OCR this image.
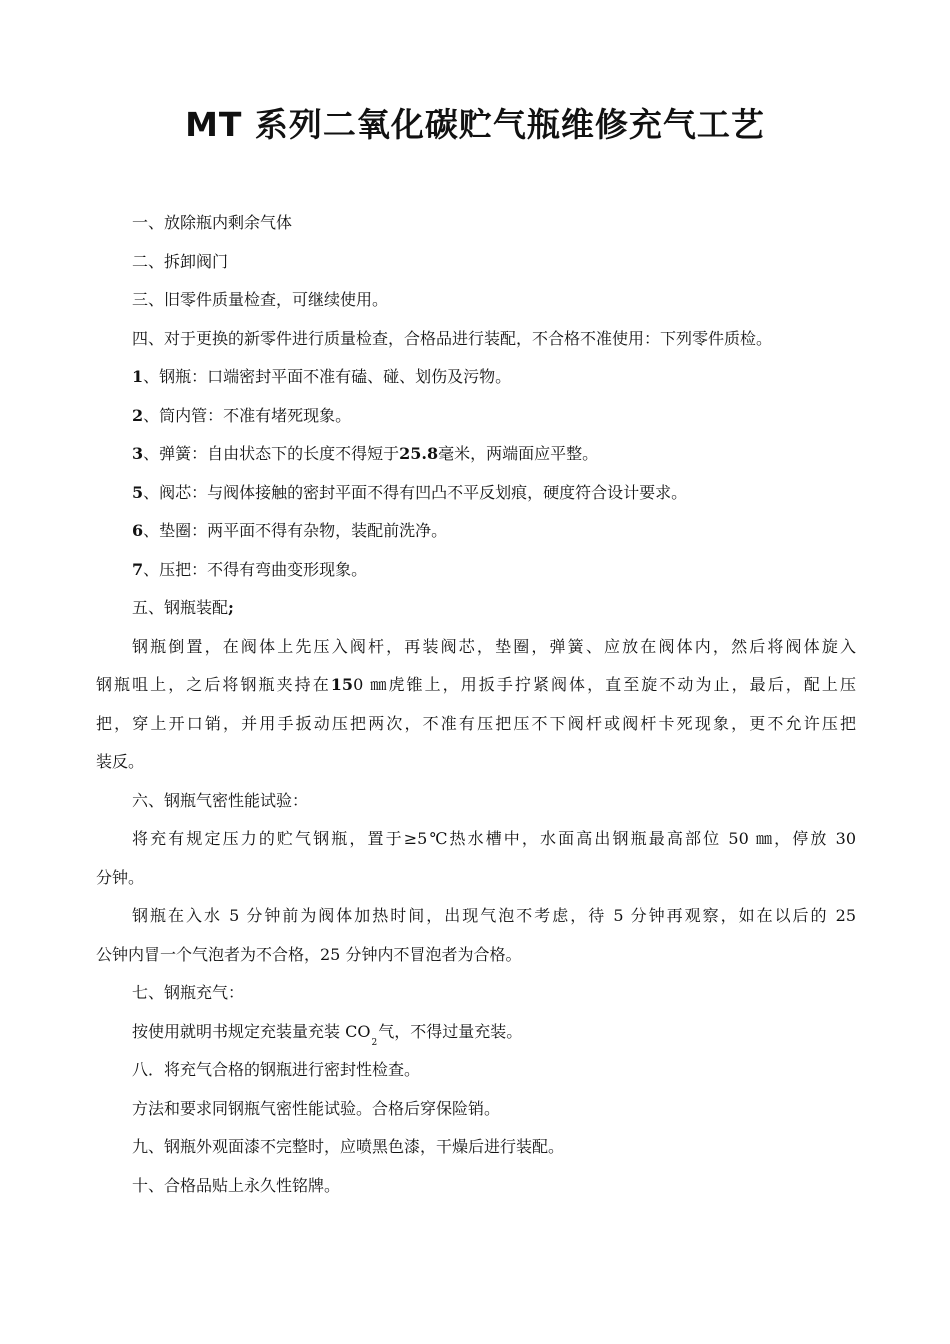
MT 系列二氧化碳贮气瓶维修充气工艺
一、放除瓶内剩余气体
二、拆卸阀门
三、旧零件质量检查，可继续使用。
四、对于更换的新零件进行质量检查，合格品进行装配，不合格不准使用：下列零件质检。
1、钢瓶：口端密封平面不准有磕、碰、划伤及污物。
2、筒内管：不准有堵死现象。
3、弹簧：自由状态下的长度不得短于25.8毫米，两端面应平整。
5、阀芯：与阀体接触的密封平面不得有凹凸不平反划痕，硬度符合设计要求。
6、垫圈：两平面不得有杂物，装配前洗净。
7、压把：不得有弯曲变形现象。
五、钢瓶装配;
钢瓶倒置，在阀体上先压入阀杆，再装阀芯，垫圈，弹簧、应放在阀体内，然后将阀体旋入
钢瓶咀上，之后将钢瓶夹持在150 ㎜虎锥上，用扳手拧紧阀体，直至旋不动为止，最后，配上压
把，穿上开口销，并用手扳动压把两次，不准有压把压不下阀杆或阀杆卡死现象，更不允许压把
装反。
六、钢瓶气密性能试验：
将充有规定压力的贮气钢瓶，置于≥5℃热水槽中，水面高出钢瓶最高部位 50 ㎜，停放 30
分钟。
钢瓶在入水 5 分钟前为阀体加热时间，出现气泡不考虑，待 5 分钟再观察，如在以后的 25
公钟内冒一个气泡者为不合格，25 分钟内不冒泡者为合格。
七、钢瓶充气：
按使用就明书规定充装量充装 $CO_2$气，不得过量充装。
八．将充气合格的钢瓶进行密封性检查。
方法和要求同钢瓶气密性能试验。合格后穿保险销。
九、钢瓶外观面漆不完整时，应喷黑色漆，干燥后进行装配。
十、合格品贴上永久性铭牌。
